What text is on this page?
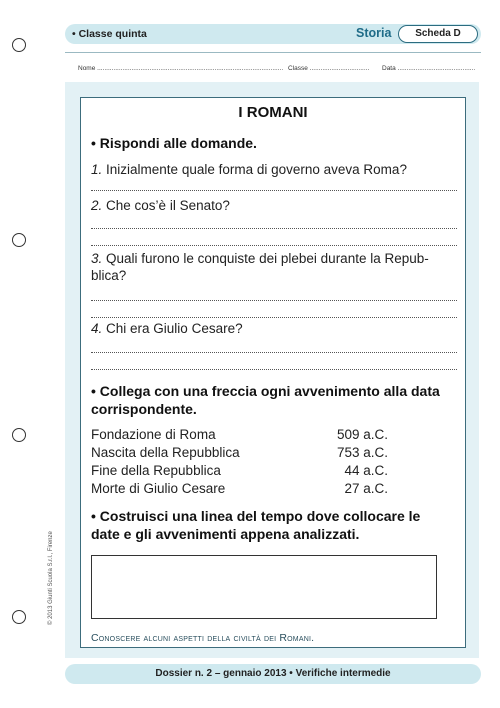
• Classe quinta	Storia	Scheda D
Nome ....................................................................................................... Classe .................................	Data ...........................................
I ROMANI
• Rispondi alle domande.
1. Inizialmente quale forma di governo aveva Roma?
2. Che cos’è il Senato?
3. Quali furono le conquiste dei plebei durante la Repub-
blica?
4. Chi era Giulio Cesare?
• Collega con una freccia ogni avvenimento alla data
corrispondente.
Fondazione di Roma	509 a.C.
Nascita della Repubblica	753 a.C.
Fine della Repubblica	44 a.C.
Morte di Giulio Cesare	27 a.C.
• Costruisci una linea del tempo dove collocare le
date e gli avvenimenti appena analizzati.
Conoscere alcuni aspetti della civiltà dei Romani.
© 2013 Giunti Scuola S.r.l., Firenze
Dossier n. 2 – gennaio 2013 • Verifiche intermedie
